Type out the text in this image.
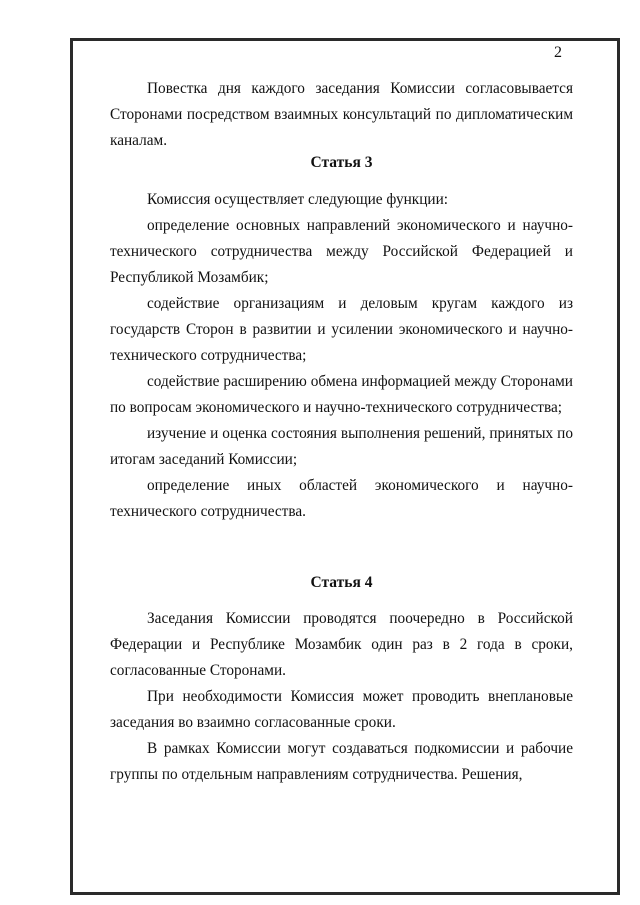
2

Повестка дня каждого заседания Комиссии согласовывается Сторонами посредством взаимных консультаций по дипломатическим каналам.

Статья 3

Комиссия осуществляет следующие функции:

определение основных направлений экономического и научно-технического сотрудничества между Российской Федерацией и Республикой Мозамбик;

содействие организациям и деловым кругам каждого из государств Сторон в развитии и усилении экономического и научно-технического сотрудничества;

содействие расширению обмена информацией между Сторонами по вопросам экономического и научно-технического сотрудничества;

изучение и оценка состояния выполнения решений, принятых по итогам заседаний Комиссии;

определение иных областей экономического и научно-технического сотрудничества.

Статья 4

Заседания Комиссии проводятся поочередно в Российской Федерации и Республике Мозамбик один раз в 2 года в сроки, согласованные Сторонами.

При необходимости Комиссия может проводить внеплановые заседания во взаимно согласованные сроки.

В рамках Комиссии могут создаваться подкомиссии и рабочие группы по отдельным направлениям сотрудничества. Решения,
